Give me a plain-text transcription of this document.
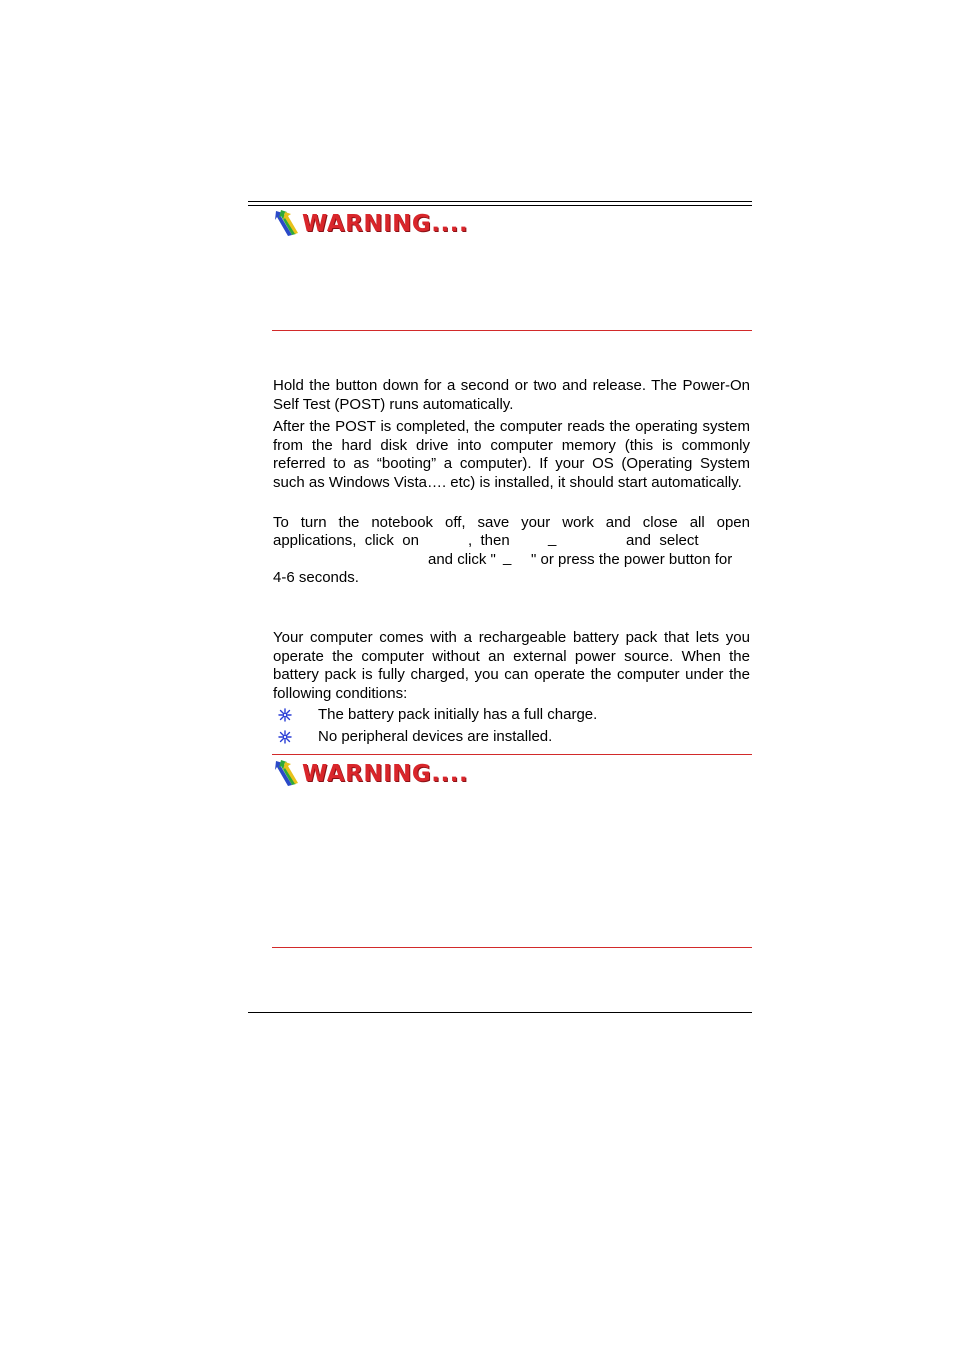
WARNING....

Hold the button down for a second or two and release. The Power-On Self Test (POST) runs automatically.

After the POST is completed, the computer reads the operating system from the hard disk drive into computer memory (this is commonly referred to as “booting” a computer). If your OS (Operating System such as Windows Vista…. etc) is installed, it should start automatically.

To turn the notebook off, save your work and close all open

applications,  click  on	,  then	_	and  select
and click " _ " or press the power button for
4-6 seconds.

Your computer comes with a rechargeable battery pack that lets you operate the computer without an external power source. When the battery pack is fully charged, you can operate the computer under the following conditions:

The battery pack initially has a full charge.
No peripheral devices are installed.
WARNING....
